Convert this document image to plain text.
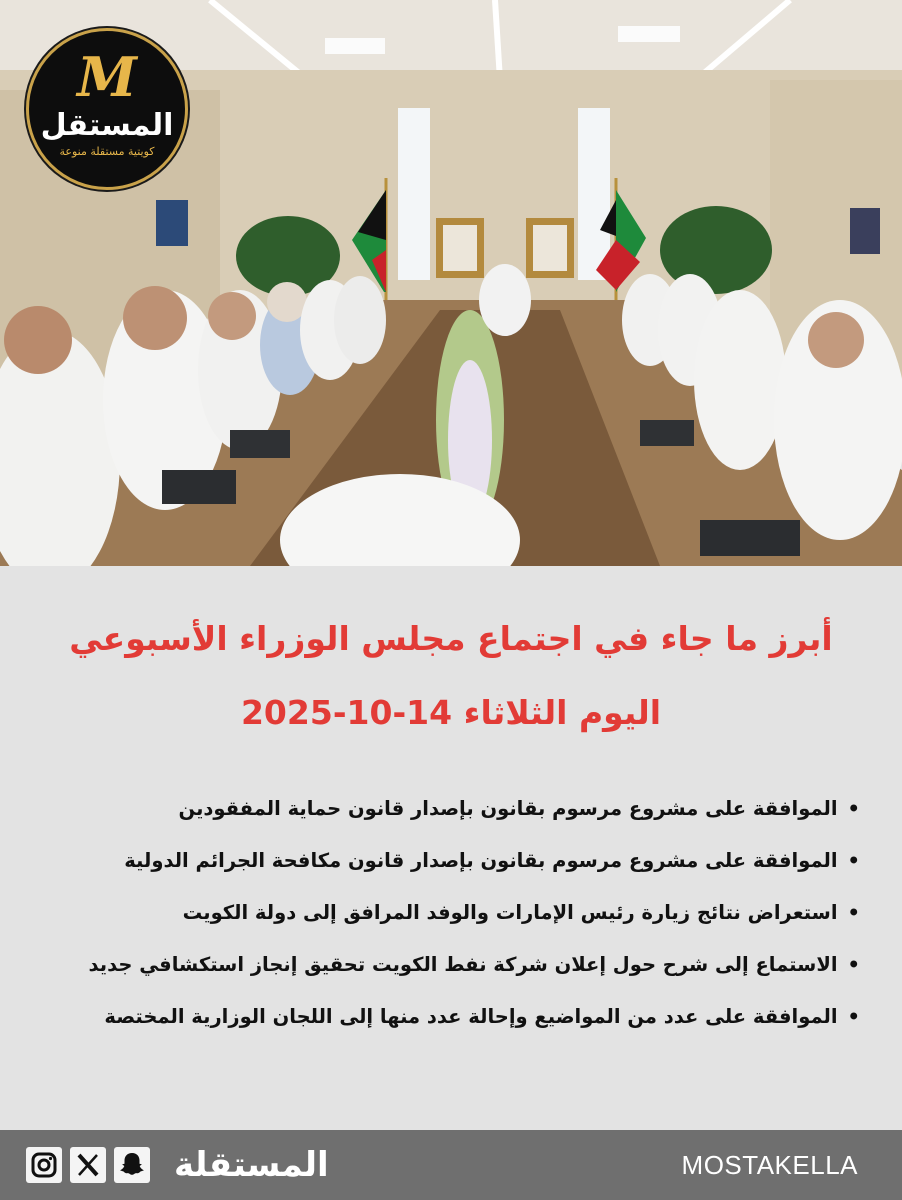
M
المستقل
كويتية مستقلة منوعة
أبرز ما جاء في اجتماع مجلس الوزراء الأسبوعي
اليوم الثلاثاء 14-10-2025
•الموافقة على مشروع مرسوم بقانون بإصدار قانون حماية المفقودين
•الموافقة على مشروع مرسوم بقانون بإصدار قانون مكافحة الجرائم الدولية
•استعراض نتائج زيارة رئيس الإمارات والوفد المرافق إلى دولة الكويت
•الاستماع إلى شرح حول إعلان شركة نفط الكويت تحقيق إنجاز استكشافي جديد
•الموافقة على عدد من المواضيع وإحالة عدد منها إلى اللجان الوزارية المختصة
المستقلة	MOSTAKELLA
